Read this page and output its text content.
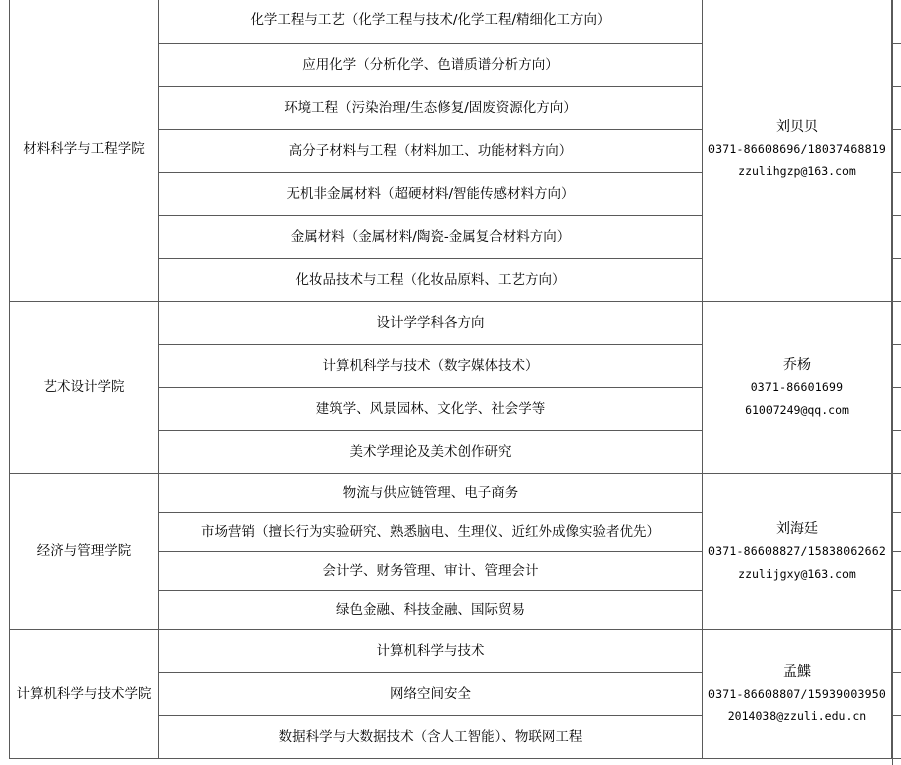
材料科学与工程学院	化学工程与工艺（化学工程与技术/化学工程/精细化工方向）	刘贝贝
0371-86608696/18037468819
zzulihgzp@163.com

	应用化学（分析化学、色谱质谱分析方向）	
	环境工程（污染治理/生态修复/固废资源化方向）	
	高分子材料与工程（材料加工、功能材料方向）	
	无机非金属材料（超硬材料/智能传感材料方向）	
	金属材料（金属材料/陶瓷-金属复合材料方向）	
	化妆品技术与工程（化妆品原料、工艺方向）	
艺术设计学院	设计学学科各方向	乔杨
0371-86601699
61007249@qq.com

	计算机科学与技术（数字媒体技术）	
	建筑学、风景园林、文化学、社会学等	
	美术学理论及美术创作研究	
经济与管理学院	物流与供应链管理、电子商务	刘海廷
0371-86608827/15838062662
zzulijgxy@163.com

	市场营销（擅长行为实验研究、熟悉脑电、生理仪、近红外成像实验者优先）	
	会计学、财务管理、审计、管理会计	
	绿色金融、科技金融、国际贸易	
计算机科学与技术学院	计算机科学与技术	孟鰈
0371-86608807/15939003950
2014038@zzuli.edu.cn

	网络空间安全	
	数据科学与大数据技术（含人工智能）、物联网工程	
